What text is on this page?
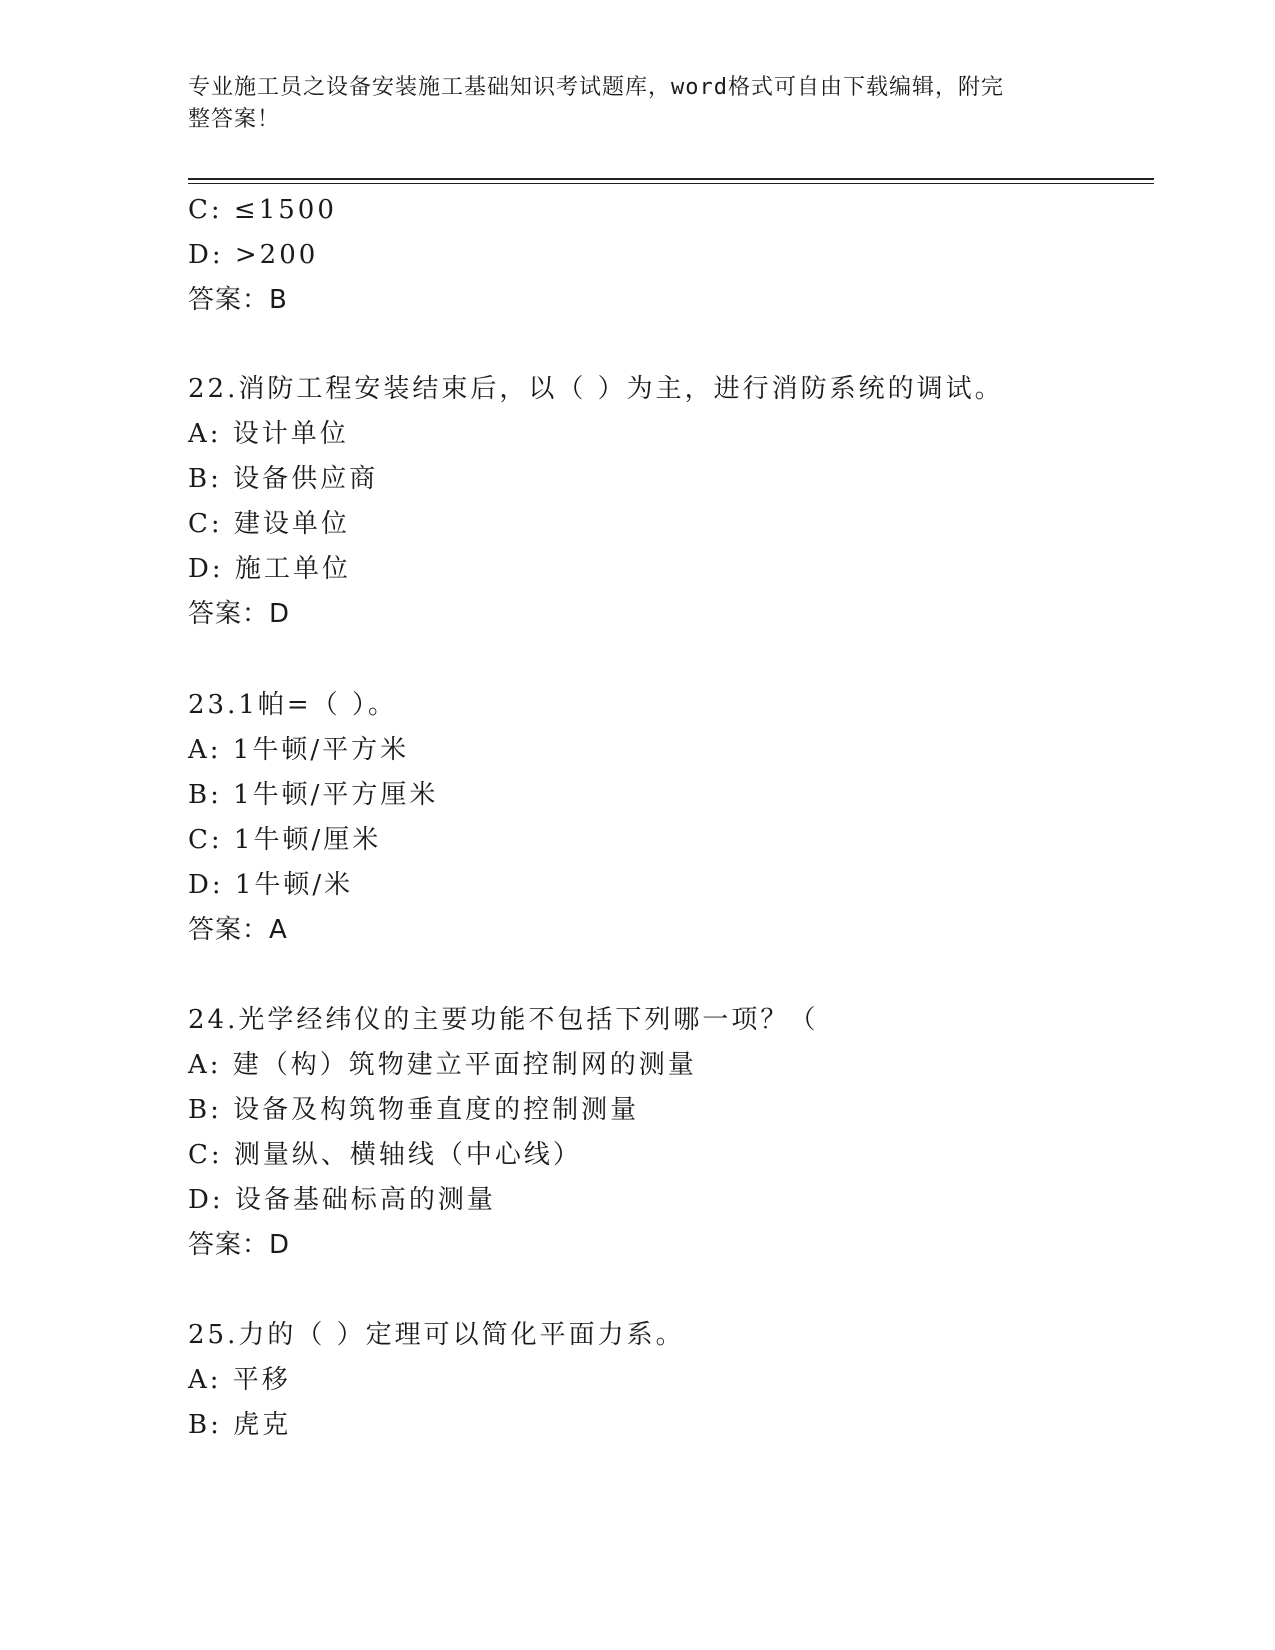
专业施工员之设备安装施工基础知识考试题库，word格式可自由下载编辑，附完
整答案！
C: ≤1500
D: >200
答案：B
22.消防工程安装结束后，以（ ）为主，进行消防系统的调试。
A: 设计单位
B: 设备供应商
C: 建设单位
D: 施工单位
答案：D
23.1帕=（ ）。
A: 1牛顿/平方米
B: 1牛顿/平方厘米
C: 1牛顿/厘米
D: 1牛顿/米
答案：A
24.光学经纬仪的主要功能不包括下列哪一项？（
A: 建（构）筑物建立平面控制网的测量
B: 设备及构筑物垂直度的控制测量
C: 测量纵、横轴线（中心线）
D: 设备基础标高的测量
答案：D
25.力的（ ）定理可以简化平面力系。
A: 平移
B: 虎克
